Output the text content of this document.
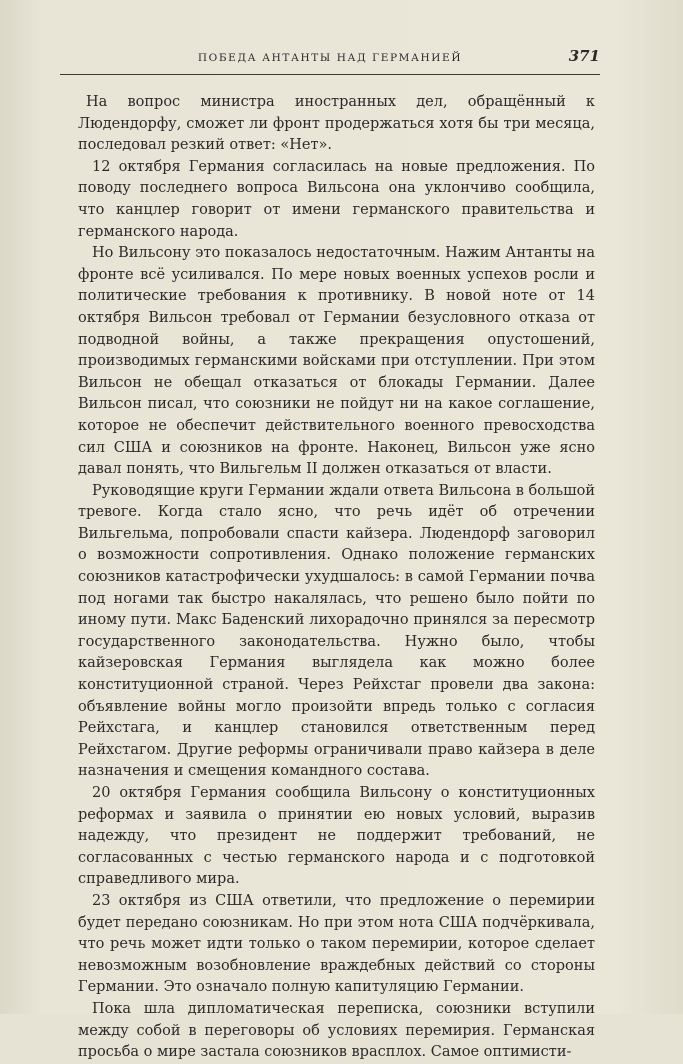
ПОБЕДА АНТАНТЫ НАД ГЕРМАНИЕЙ	371

На вопрос министра иностранных дел, обращённый к Людендорфу, сможет ли фронт продержаться хотя бы три месяца, последовал резкий ответ: «Нет».

12 октября Германия согласилась на новые предложения. По поводу последнего вопроса Вильсона она уклончиво сообщила, что канцлер говорит от имени германского правительства и германского народа.

Но Вильсону это показалось недостаточным. Нажим Антанты на фронте всё усиливался. По мере новых военных успехов росли и политические требования к противнику. В новой ноте от 14 октября Вильсон требовал от Германии безусловного отказа от подводной войны, а также прекращения опустошений, производимых германскими войсками при отступлении. При этом Вильсон не обещал отказаться от блокады Германии. Далее Вильсон писал, что союзники не пойдут ни на какое соглашение, которое не обеспечит действительного военного превосходства сил США и союзников на фронте. Наконец, Вильсон уже ясно давал понять, что Вильгельм II должен отказаться от власти.

Руководящие круги Германии ждали ответа Вильсона в большой тревоге. Когда стало ясно, что речь идёт об отречении Вильгельма, попробовали спасти кайзера. Людендорф заговорил о возможности сопротивления. Однако положение германских союзников катастрофически ухудшалось: в самой Германии почва под ногами так быстро накалялась, что решено было пойти по иному пути. Макс Баденский лихорадочно принялся за пересмотр государственного законодательства. Нужно было, чтобы кайзеровская Германия выглядела как можно более конституционной страной. Через Рейхстаг провели два закона: объявление войны могло произойти впредь только с согласия Рейхстага, и канцлер становился ответственным перед Рейхстагом. Другие реформы ограничивали право кайзера в деле назначения и смещения командного состава.

20 октября Германия сообщила Вильсону о конституционных реформах и заявила о принятии ею новых условий, выразив надежду, что президент не поддержит требований, не согласованных с честью германского народа и с подготовкой справедливого мира.

23 октября из США ответили, что предложение о перемирии будет передано союзникам. Но при этом нота США подчёркивала, что речь может идти только о таком перемирии, которое сделает невозможным возобновление враждебных действий со стороны Германии. Это означало полную капитуляцию Германии.

Пока шла дипломатическая переписка, союзники вступили между собой в переговоры об условиях перемирия. Германская просьба о мире застала союзников врасплох. Самое оптимисти-
